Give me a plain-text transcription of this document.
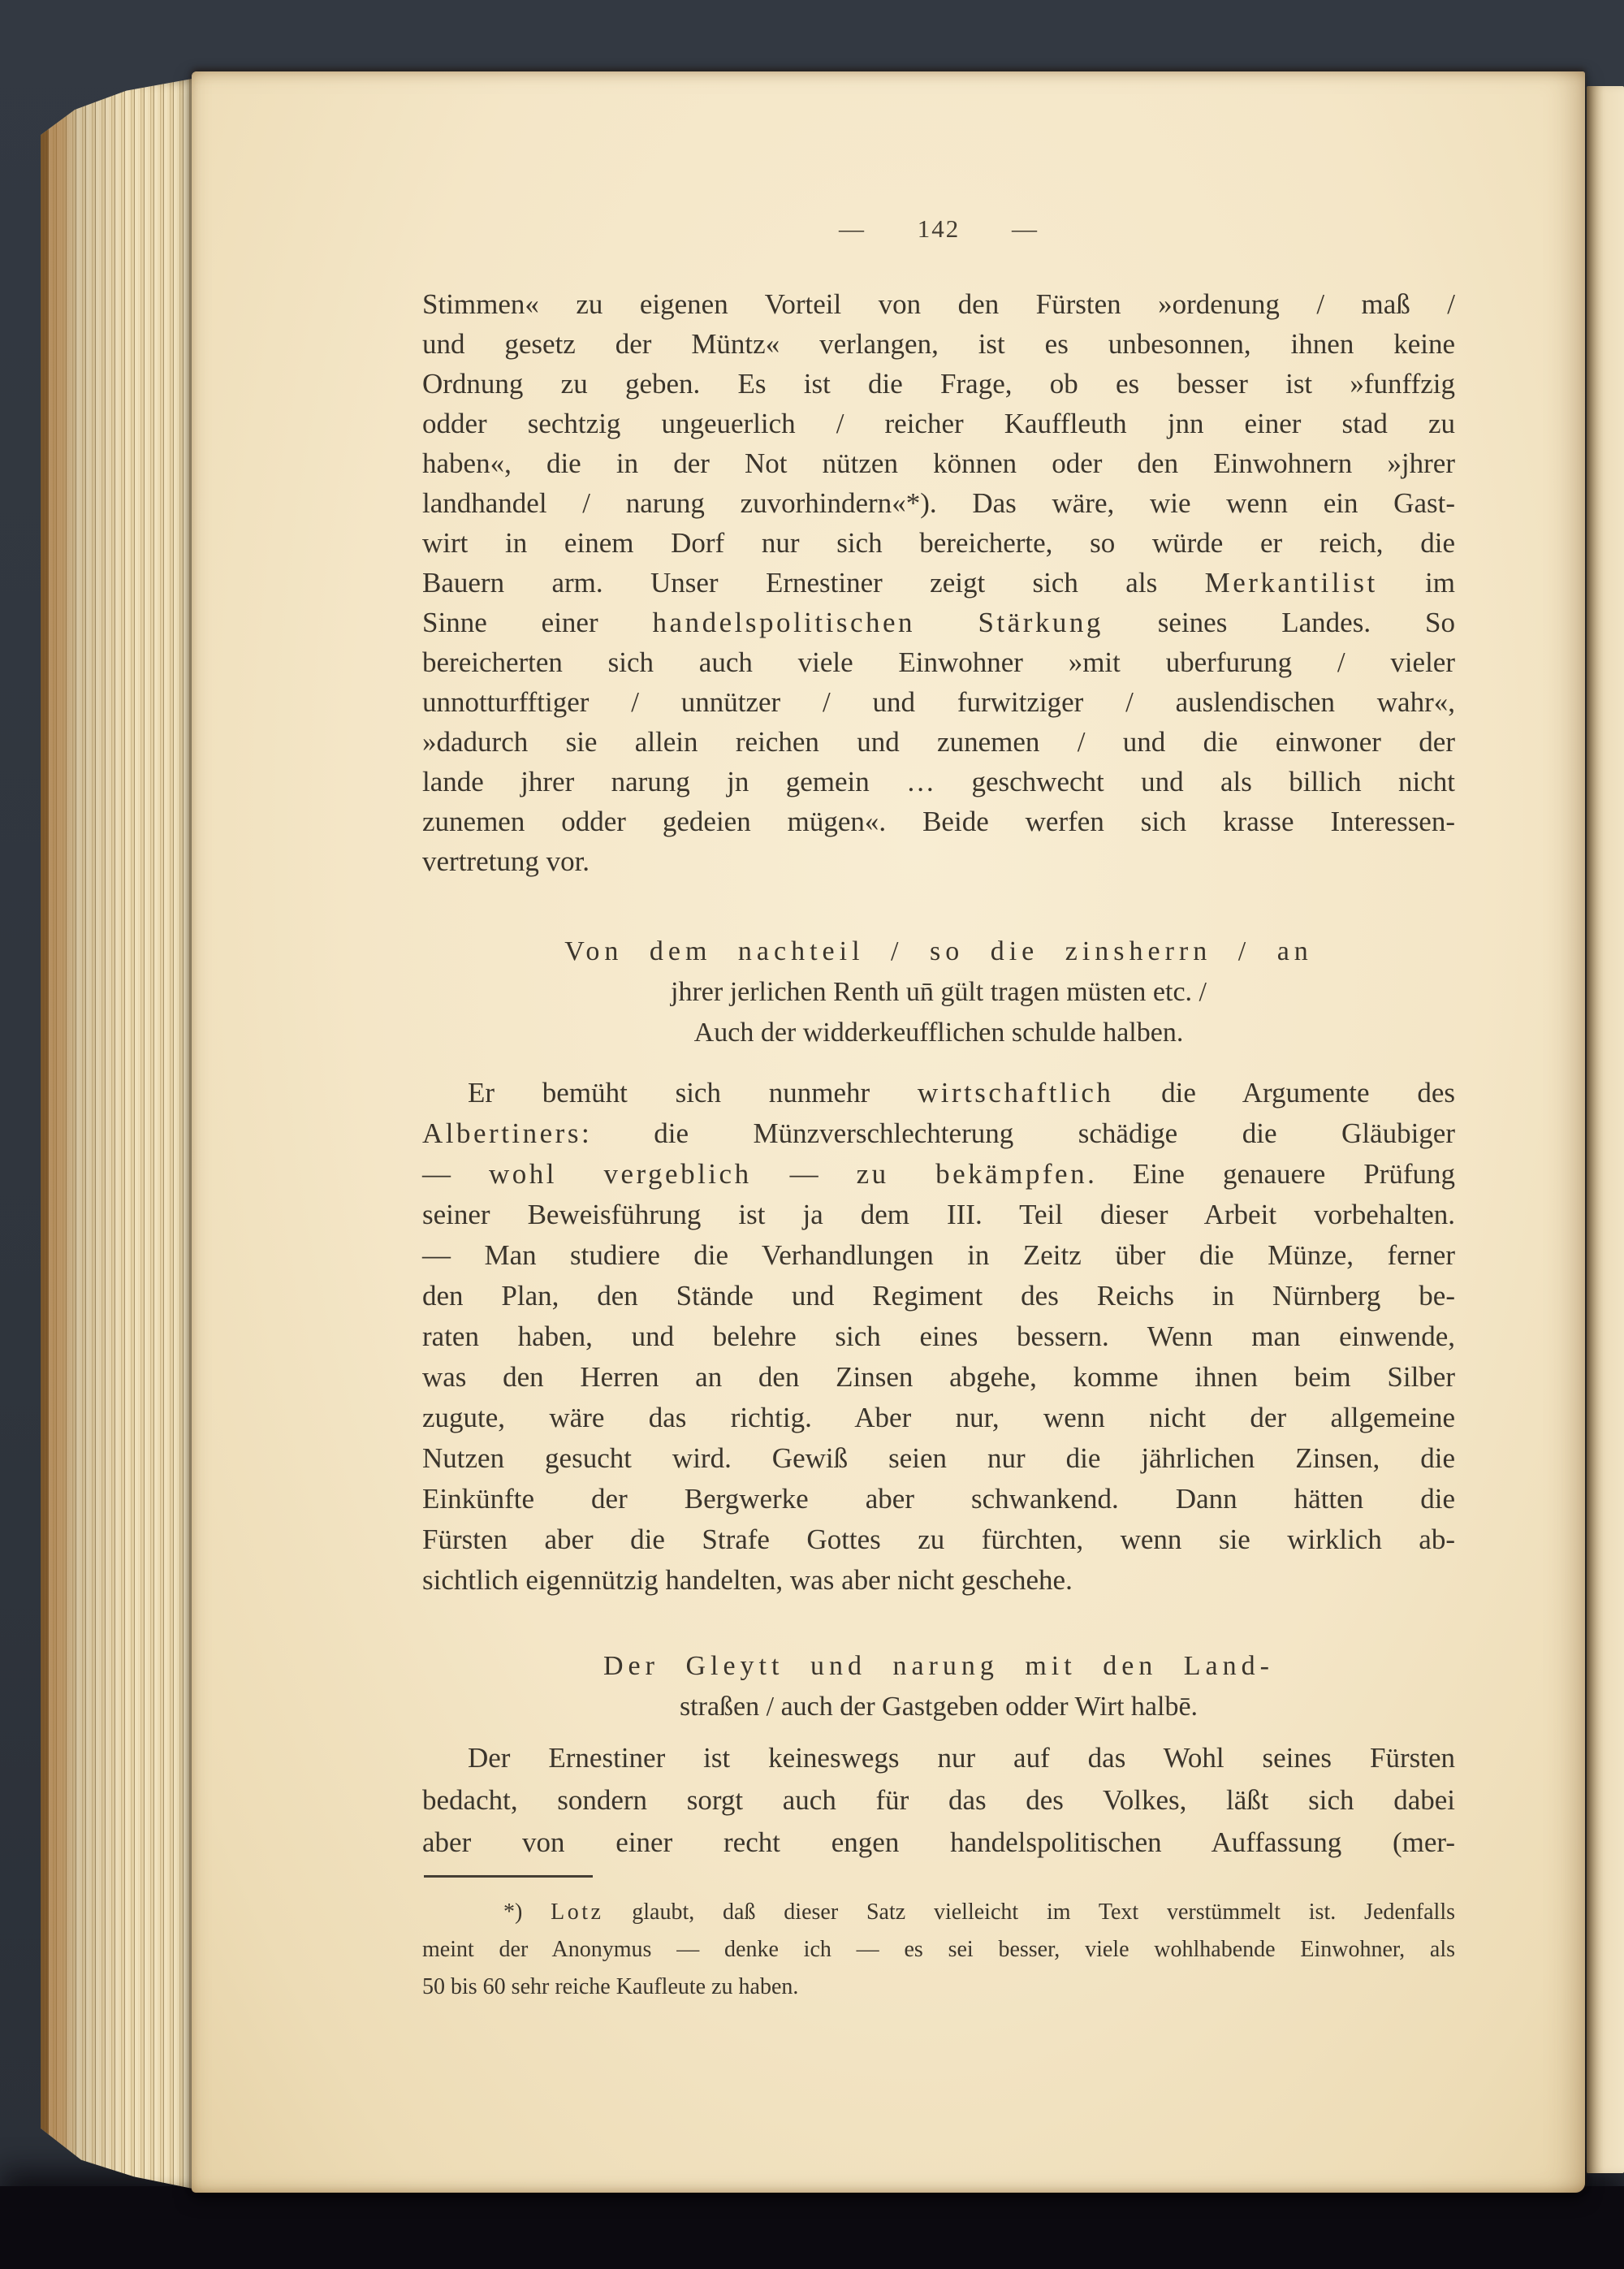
— 142 —
Stimmen« zu eigenen Vorteil von den Fürsten »ordenung / maß /
und gesetz der Müntz« verlangen, ist es unbesonnen, ihnen keine
Ordnung zu geben. Es ist die Frage, ob es besser ist »funffzig
odder sechtzig ungeuerlich / reicher Kauffleuth jnn einer stad zu
haben«, die in der Not nützen können oder den Einwohnern »jhrer
landhandel / narung zuvorhindern«*). Das wäre, wie wenn ein Gast-
wirt in einem Dorf nur sich bereicherte, so würde er reich, die
Bauern arm. Unser Ernestiner zeigt sich als Merkantilist im
Sinne einer handelspolitischen Stärkung seines Landes. So
bereicherten sich auch viele Einwohner »mit uberfurung / vieler
unnotturfftiger / unnützer / und furwitziger / auslendischen wahr«,
»dadurch sie allein reichen und zunemen / und die einwoner der
lande jhrer narung jn gemein … geschwecht und als billich nicht
zunemen odder gedeien mügen«. Beide werfen sich krasse Interessen-
vertretung vor.
Von dem nachteil / so die zinsherrn / an
jhrer jerlichen Renth un̄ gült tragen müsten etc. /
Auch der widderkeufflichen schulde halben.
Er bemüht sich nunmehr wirtschaftlich die Argumente des
Albertiners: die Münzverschlechterung schädige die Gläubiger
— wohl vergeblich — zu bekämpfen. Eine genauere Prüfung
seiner Beweisführung ist ja dem III. Teil dieser Arbeit vorbehalten.
— Man studiere die Verhandlungen in Zeitz über die Münze, ferner
den Plan, den Stände und Regiment des Reichs in Nürnberg be-
raten haben, und belehre sich eines bessern. Wenn man einwende,
was den Herren an den Zinsen abgehe, komme ihnen beim Silber
zugute, wäre das richtig. Aber nur, wenn nicht der allgemeine
Nutzen gesucht wird. Gewiß seien nur die jährlichen Zinsen, die
Einkünfte der Bergwerke aber schwankend. Dann hätten die
Fürsten aber die Strafe Gottes zu fürchten, wenn sie wirklich ab-
sichtlich eigennützig handelten, was aber nicht geschehe.
Der Gleytt und narung mit den Land-
straßen / auch der Gastgeben odder Wirt halbē.
Der Ernestiner ist keineswegs nur auf das Wohl seines Fürsten
bedacht, sondern sorgt auch für das des Volkes, läßt sich dabei
aber von einer recht engen handelspolitischen Auffassung (mer-
*) Lotz glaubt, daß dieser Satz vielleicht im Text verstümmelt ist. Jedenfalls
meint der Anonymus — denke ich — es sei besser, viele wohlhabende Einwohner, als
50 bis 60 sehr reiche Kaufleute zu haben.
